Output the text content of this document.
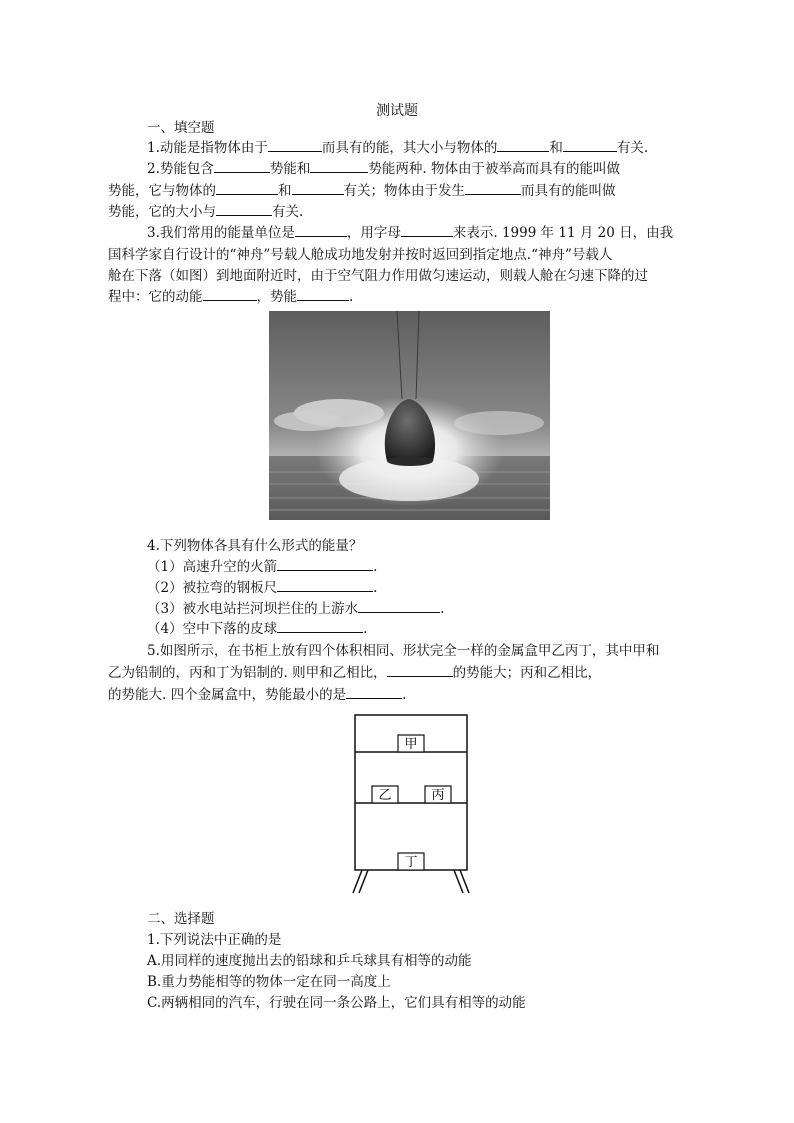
测试题
一、填空题
1.动能是指物体由于	而具有的能，其大小与物体的	和	有关.
2.势能包含	势能和	势能两种. 物体由于被举高而具有的能叫做
势能，它与物体的	和	有关；物体由于发生	而具有的能叫做
势能，它的大小与	有关.
3.我们常用的能量单位是	，用字母	来表示. 1999 年 11 月 20 日，由我
国科学家自行设计的“神舟”号载人舱成功地发射并按时返回到指定地点.“神舟”号载人
舱在下落（如图）到地面附近时，由于空气阻力作用做匀速运动，则载人舱在匀速下降的过
程中：它的动能	，势能	.
4.下列物体各具有什么形式的能量？
（1）高速升空的火箭	.
（2）被拉弯的钢板尺	.
（3）被水电站拦河坝拦住的上游水	.
（4）空中下落的皮球	.
5.如图所示，在书柜上放有四个体积相同、形状完全一样的金属盒甲乙丙丁，其中甲和
乙为铅制的，丙和丁为铝制的. 则甲和乙相比，	的势能大；丙和乙相比，
的势能大. 四个金属盒中，势能最小的是	.
甲
乙	丙
丁
二、选择题
1.下列说法中正确的是
A.用同样的速度抛出去的铅球和乒乓球具有相等的动能
B.重力势能相等的物体一定在同一高度上
C.两辆相同的汽车，行驶在同一条公路上，它们具有相等的动能
